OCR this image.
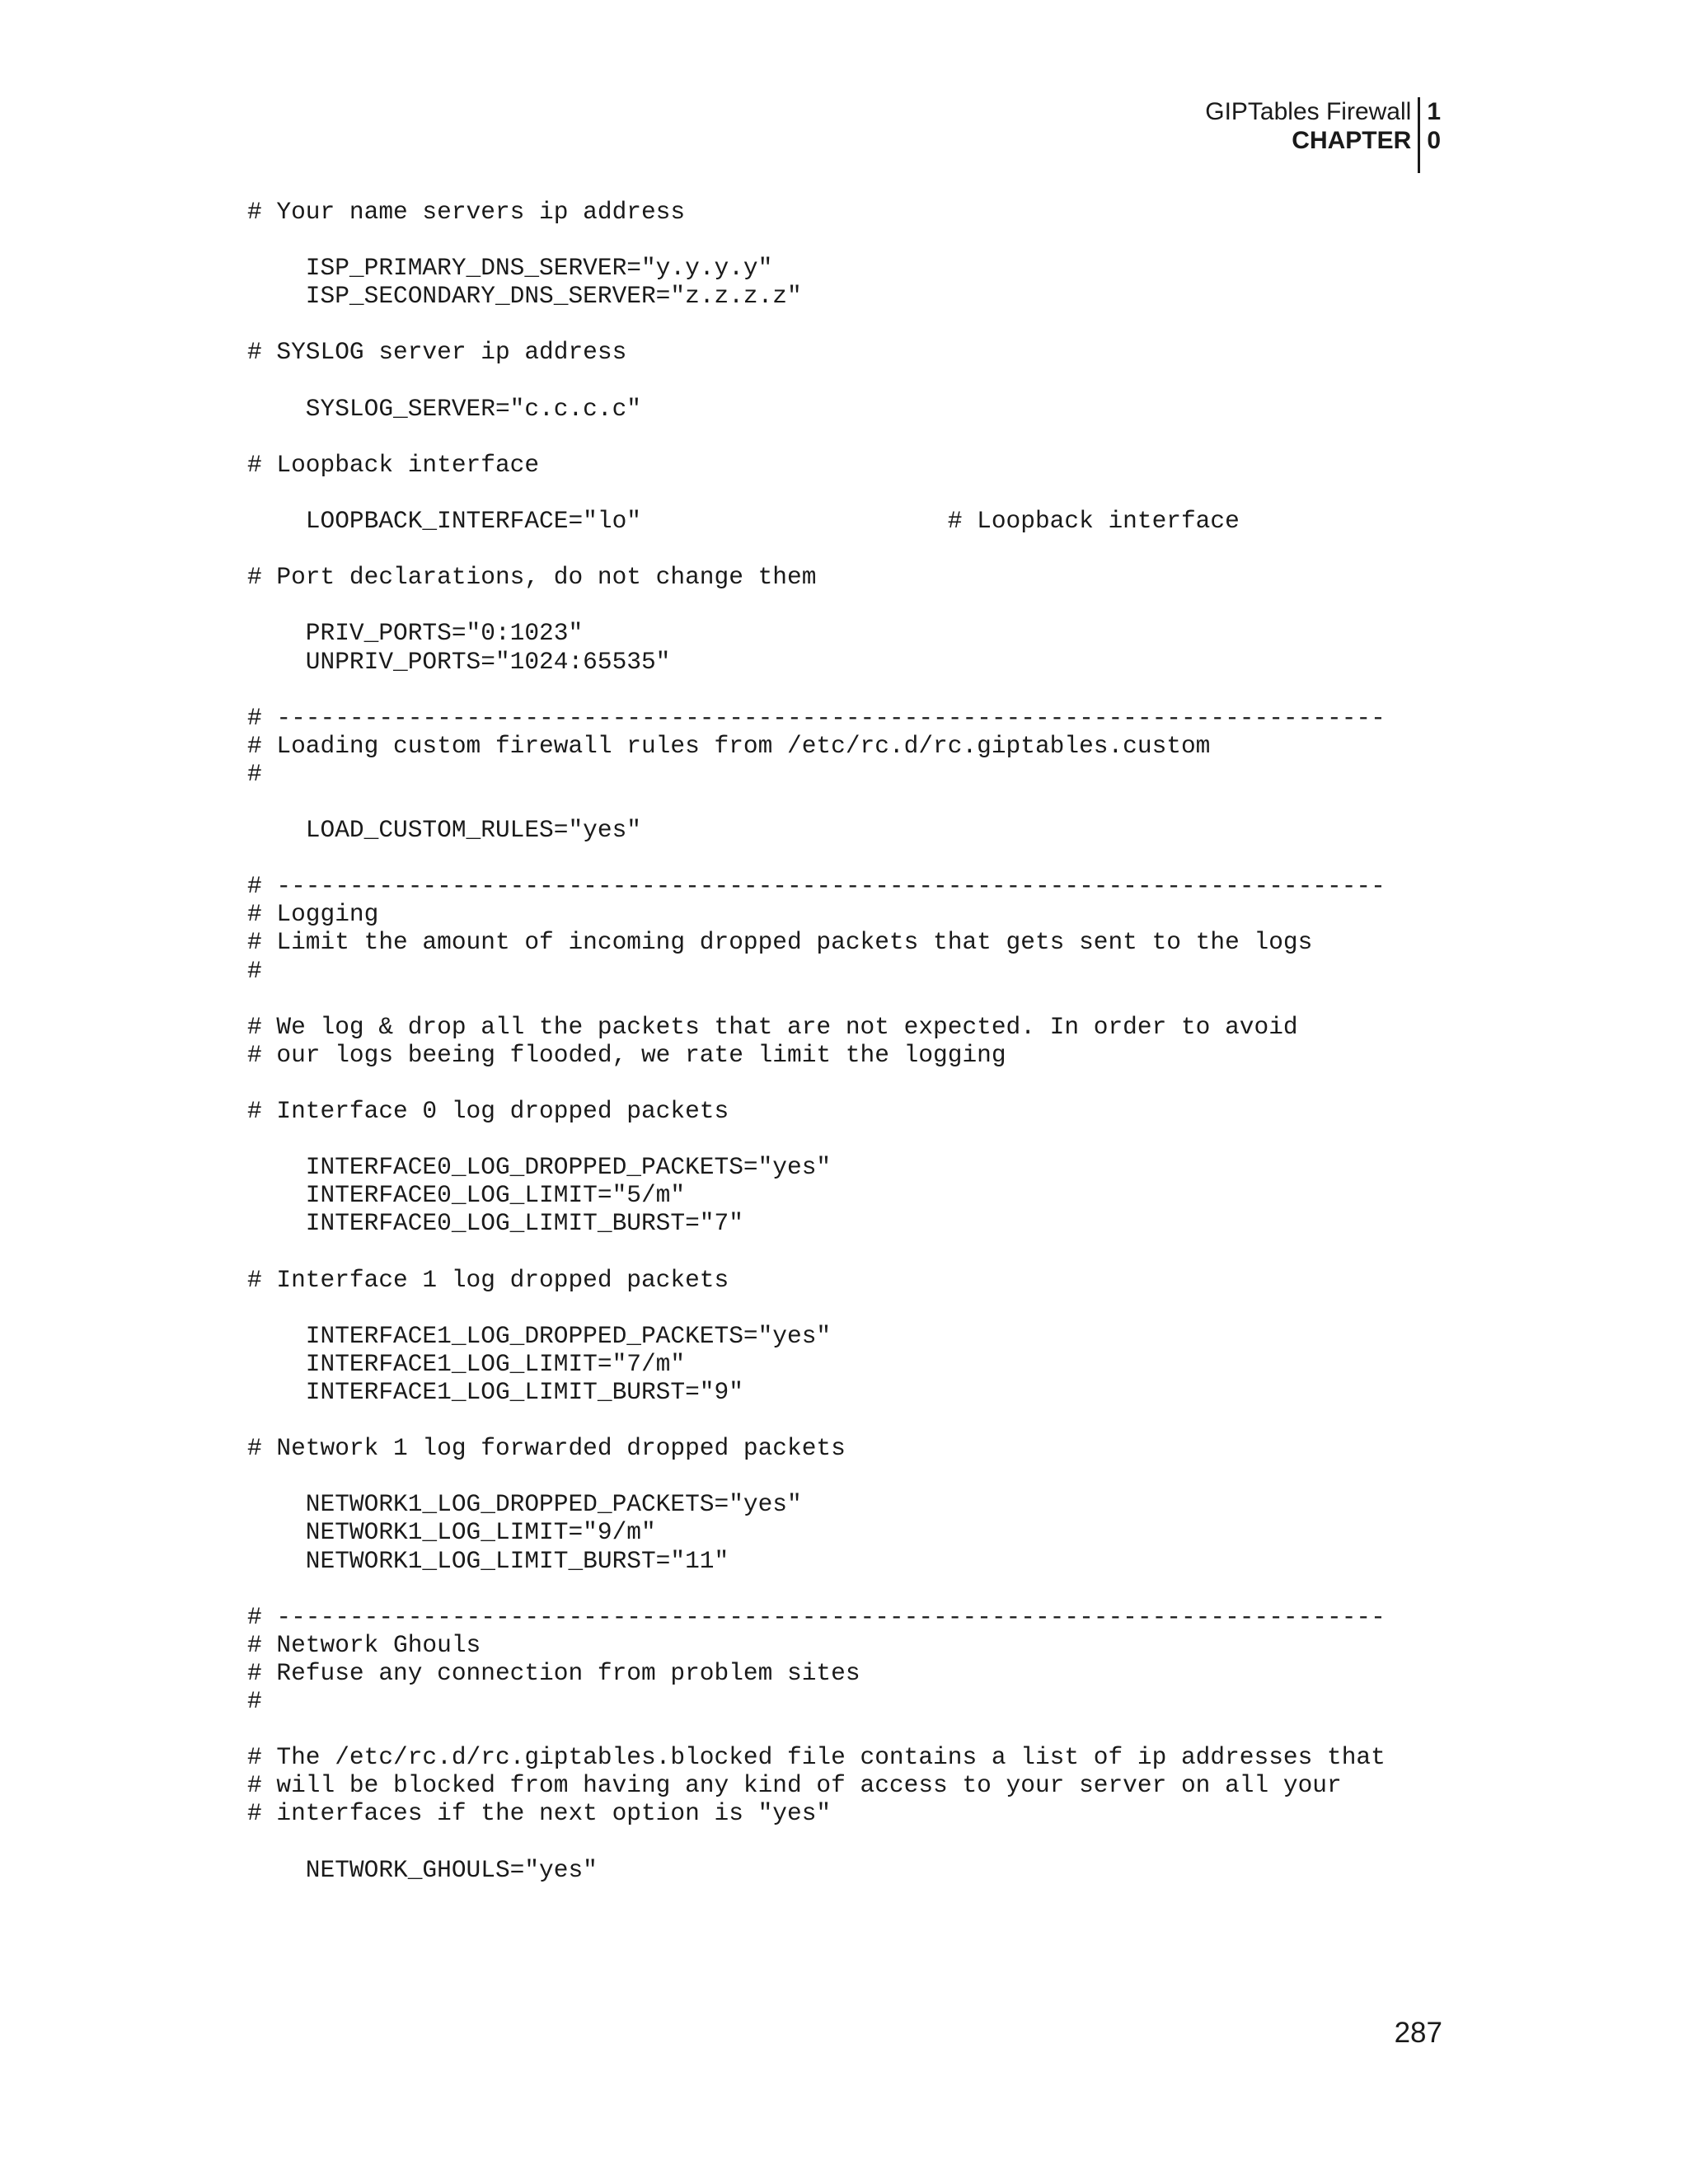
GIPTables Firewall
CHAPTER
1
0
# Your name servers ip address
ISP_PRIMARY_DNS_SERVER="y.y.y.y"
ISP_SECONDARY_DNS_SERVER="z.z.z.z"
# SYSLOG server ip address
SYSLOG_SERVER="c.c.c.c"
# Loopback interface
LOOPBACK_INTERFACE="lo"                     # Loopback interface
# Port declarations, do not change them
PRIV_PORTS="0:1023"
UNPRIV_PORTS="1024:65535"
# ----------------------------------------------------------------------------
# Loading custom firewall rules from /etc/rc.d/rc.giptables.custom
#
LOAD_CUSTOM_RULES="yes"
# ----------------------------------------------------------------------------
# Logging
# Limit the amount of incoming dropped packets that gets sent to the logs
#
# We log & drop all the packets that are not expected. In order to avoid
# our logs beeing flooded, we rate limit the logging
# Interface 0 log dropped packets
INTERFACE0_LOG_DROPPED_PACKETS="yes"
INTERFACE0_LOG_LIMIT="5/m"
INTERFACE0_LOG_LIMIT_BURST="7"
# Interface 1 log dropped packets
INTERFACE1_LOG_DROPPED_PACKETS="yes"
INTERFACE1_LOG_LIMIT="7/m"
INTERFACE1_LOG_LIMIT_BURST="9"
# Network 1 log forwarded dropped packets
NETWORK1_LOG_DROPPED_PACKETS="yes"
NETWORK1_LOG_LIMIT="9/m"
NETWORK1_LOG_LIMIT_BURST="11"
# ----------------------------------------------------------------------------
# Network Ghouls
# Refuse any connection from problem sites
#
# The /etc/rc.d/rc.giptables.blocked file contains a list of ip addresses that
# will be blocked from having any kind of access to your server on all your
# interfaces if the next option is "yes"
NETWORK_GHOULS="yes"
287
